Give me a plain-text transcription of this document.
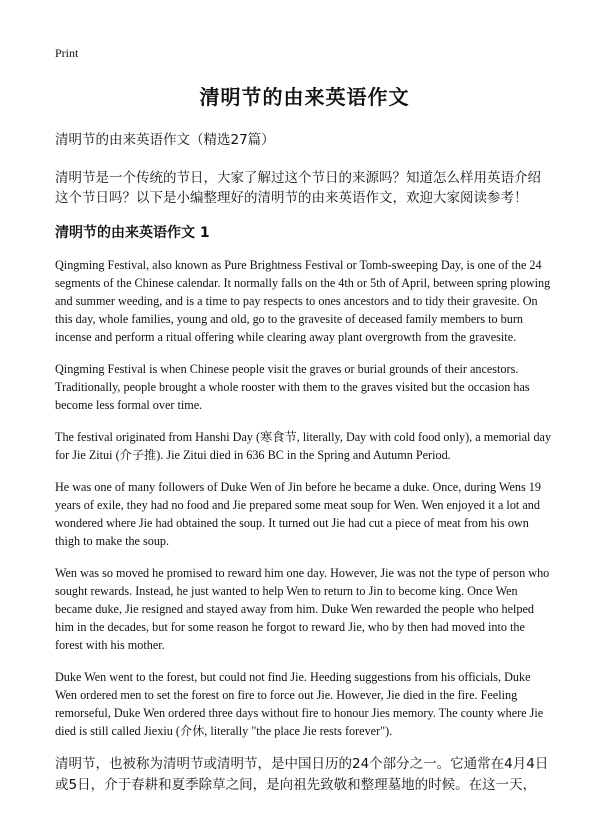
Print
清明节的由来英语作文
清明节的由来英语作文（精选27篇）
清明节是一个传统的节日，大家了解过这个节日的来源吗？知道怎么样用英语介绍这个节日吗？以下是小编整理好的清明节的由来英语作文，欢迎大家阅读参考！
清明节的由来英语作文 1
Qingming Festival, also known as Pure Brightness Festival or Tomb-sweeping Day, is one of the 24 segments of the Chinese calendar. It normally falls on the 4th or 5th of April, between spring plowing and summer weeding, and is a time to pay respects to ones ancestors and to tidy their gravesite. On this day, whole families, young and old, go to the gravesite of deceased family members to burn incense and perform a ritual offering while clearing away plant overgrowth from the gravesite.
Qingming Festival is when Chinese people visit the graves or burial grounds of their ancestors. Traditionally, people brought a whole rooster with them to the graves visited but the occasion has become less formal over time.
The festival originated from Hanshi Day (寒食节, literally, Day with cold food only), a memorial day for Jie Zitui (介子推). Jie Zitui died in 636 BC in the Spring and Autumn Period.
He was one of many followers of Duke Wen of Jin before he became a duke. Once, during Wens 19 years of exile, they had no food and Jie prepared some meat soup for Wen. Wen enjoyed it a lot and wondered where Jie had obtained the soup. It turned out Jie had cut a piece of meat from his own thigh to make the soup.
Wen was so moved he promised to reward him one day. However, Jie was not the type of person who sought rewards. Instead, he just wanted to help Wen to return to Jin to become king. Once Wen became duke, Jie resigned and stayed away from him. Duke Wen rewarded the people who helped him in the decades, but for some reason he forgot to reward Jie, who by then had moved into the forest with his mother.
Duke Wen went to the forest, but could not find Jie. Heeding suggestions from his officials, Duke Wen ordered men to set the forest on fire to force out Jie. However, Jie died in the fire. Feeling remorseful, Duke Wen ordered three days without fire to honour Jies memory. The county where Jie died is still called Jiexiu (介休, literally "the place Jie rests forever").
清明节，也被称为清明节或清明节，是中国日历的24个部分之一。它通常在4月4日或5日，介于春耕和夏季除草之间，是向祖先致敬和整理墓地的时候。在这一天，
